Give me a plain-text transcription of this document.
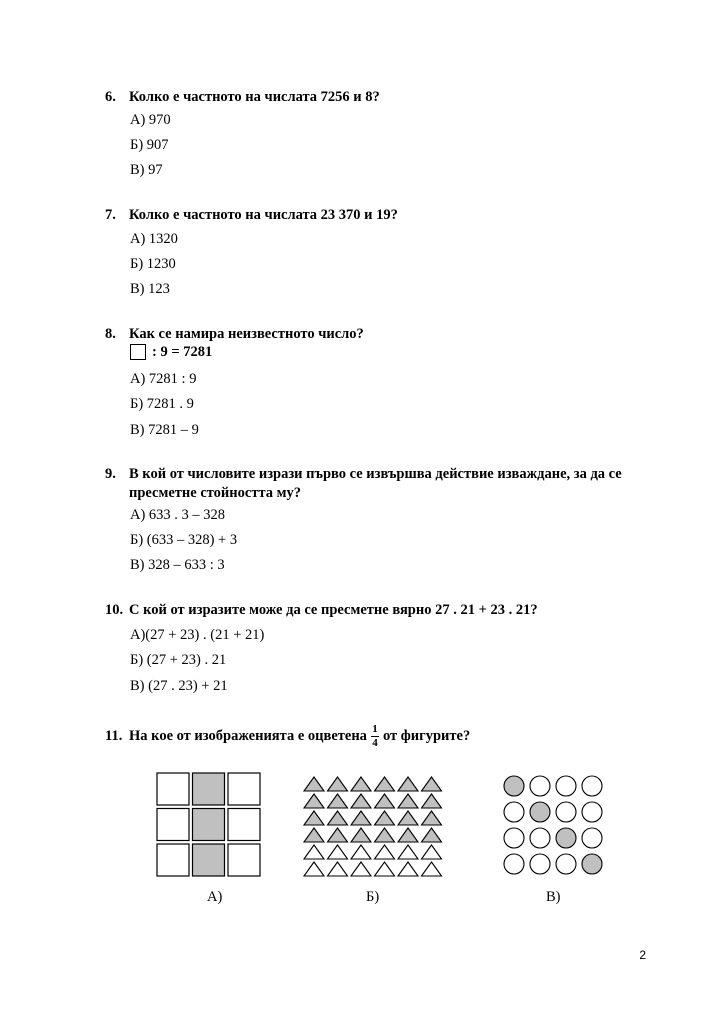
6. Колко е частното на числата 7256 и 8?
А) 970
Б) 907
В) 97
7. Колко е частното на числата 23 370 и 19?
А) 1320
Б) 1230
В) 123
8. Как се намира неизвестното число?
: 9 = 7281
А) 7281 : 9
Б) 7281 . 9
В) 7281 – 9
9. В кой от числовите изрази първо се извършва действие изваждане, за да се пресметне стойността му?
А) 633 . 3 – 328
Б) (633 – 328) + 3
В) 328 – 633 : 3
10. С кой от изразите може да се пресметне вярно 27 . 21 + 23 . 21?
А)(27 + 23) . (21 + 21)
Б) (27 + 23) . 21
В) (27 . 23) + 21
11. На кое от изображенията е оцветена $\frac{1}{4}$ от фигурите?
А)	Б)	В)
2
